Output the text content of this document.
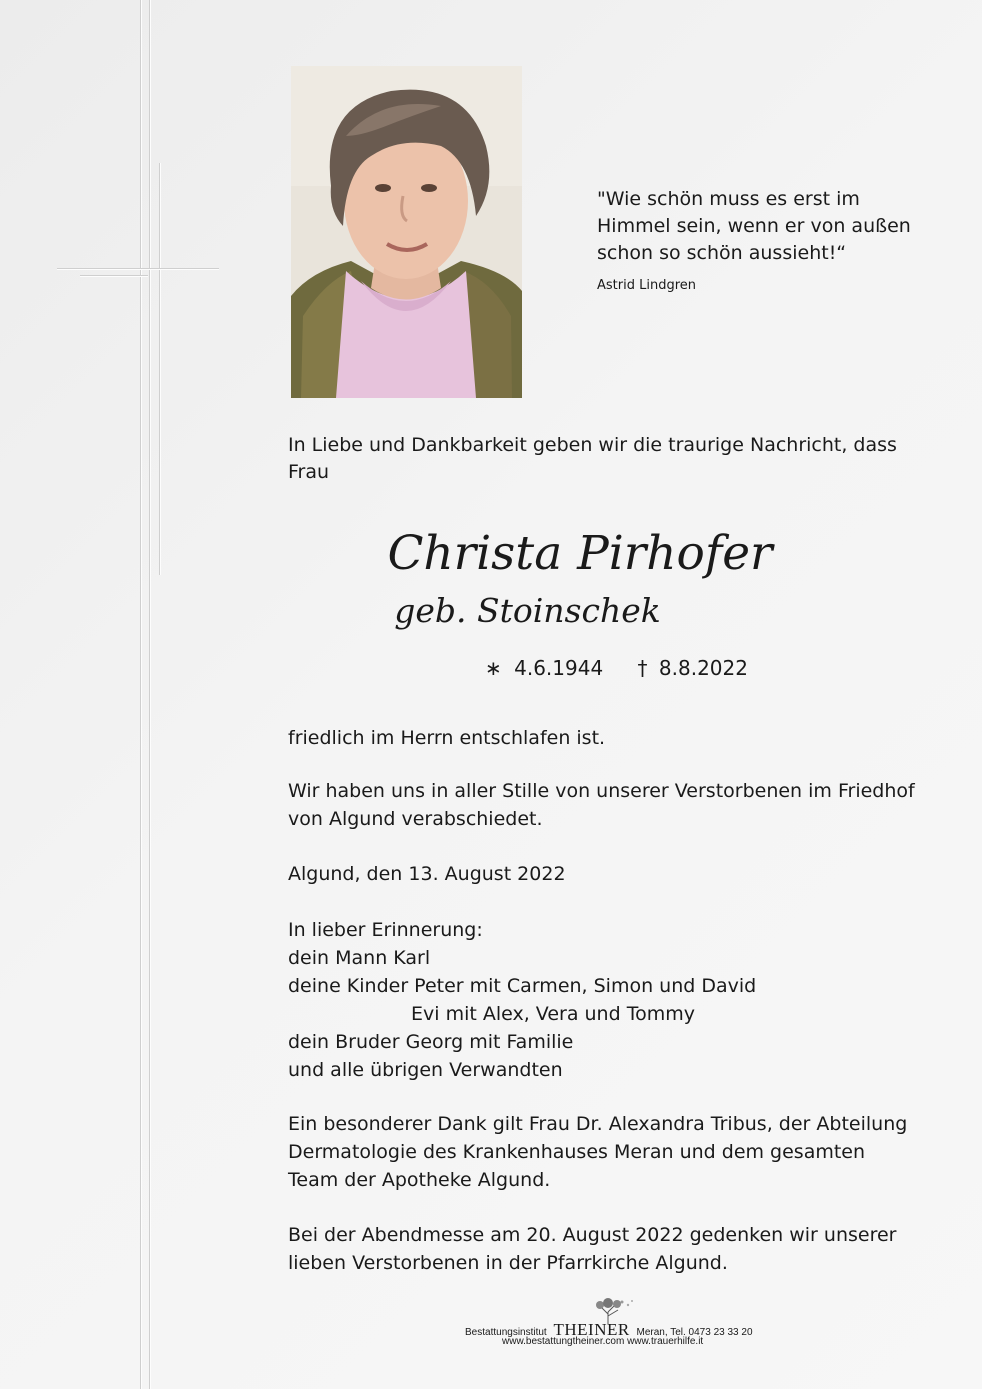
"Wie schön muss es erst im
Himmel sein, wenn er von außen
schon so schön aussieht!“
Astrid Lindgren
In Liebe und Dankbarkeit geben wir die traurige Nachricht, dass
Frau
Christa Pirhofer
geb. Stoinschek
∗ 4.6.1944 † 8.8.2022
friedlich im Herrn entschlafen ist.
Wir haben uns in aller Stille von unserer Verstorbenen im Friedhof
von Algund verabschiedet.
Algund, den 13. August 2022
In lieber Erinnerung:
dein Mann Karl
deine Kinder Peter mit Carmen, Simon und David
Evi mit Alex, Vera und Tommy
dein Bruder Georg mit Familie
und alle übrigen Verwandten
Ein besonderer Dank gilt Frau Dr. Alexandra Tribus, der Abteilung
Dermatologie des Krankenhauses Meran und dem gesamten
Team der Apotheke Algund.
Bei der Abendmesse am 20. August 2022 gedenken wir unserer
lieben Verstorbenen in der Pfarrkirche Algund.
Bestattungsinstitut THEINER Meran, Tel. 0473 23 33 20
www.bestattungtheiner.com www.trauerhilfe.it
